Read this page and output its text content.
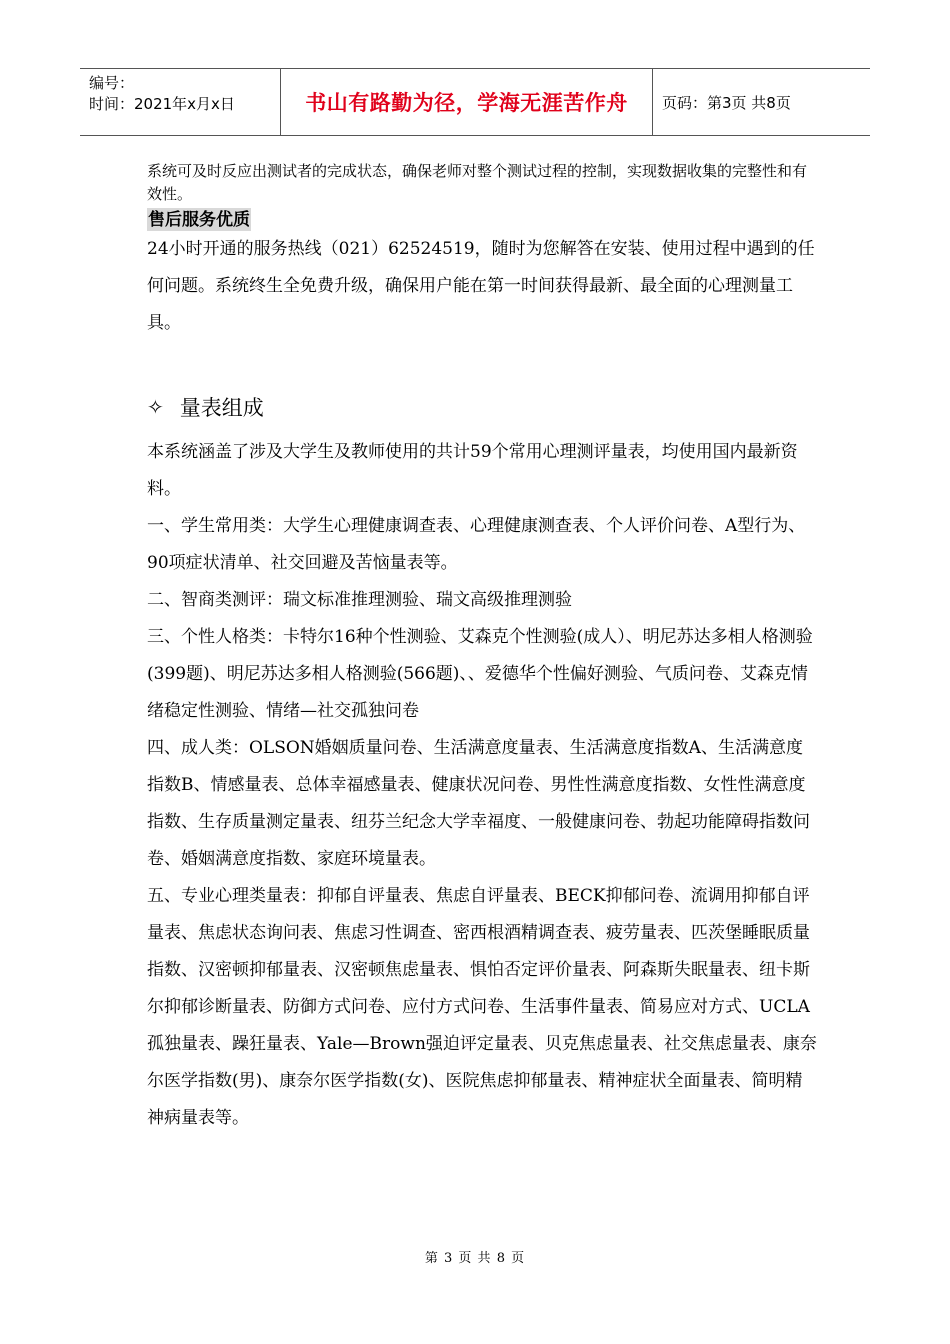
编号：
时间：2021年x月x日	书山有路勤为径，学海无涯苦作舟	页码：第3页 共8页

系统可及时反应出测试者的完成状态，确保老师对整个测试过程的控制，实现数据收集的完整性和有效性。

售后服务优质

24小时开通的服务热线（021）62524519，随时为您解答在安装、使用过程中遇到的任何问题。系统终生全免费升级，确保用户能在第一时间获得最新、最全面的心理测量工具。

✧ 量表组成

本系统涵盖了涉及大学生及教师使用的共计59个常用心理测评量表，均使用国内最新资料。

一、学生常用类：大学生心理健康调查表、心理健康测查表、个人评价问卷、A型行为、90项症状清单、社交回避及苦恼量表等。

二、智商类测评：瑞文标准推理测验、瑞文高级推理测验

三、个性人格类：卡特尔16种个性测验、艾森克个性测验(成人）、明尼苏达多相人格测验(399题)、明尼苏达多相人格测验(566题)、、爱德华个性偏好测验、气质问卷、艾森克情绪稳定性测验、情绪—社交孤独问卷

四、成人类：OLSON婚姻质量问卷、生活满意度量表、生活满意度指数A、生活满意度指数B、情感量表、总体幸福感量表、健康状况问卷、男性性满意度指数、女性性满意度指数、生存质量测定量表、纽芬兰纪念大学幸福度、一般健康问卷、勃起功能障碍指数问卷、婚姻满意度指数、家庭环境量表。

五、专业心理类量表：抑郁自评量表、焦虑自评量表、BECK抑郁问卷、流调用抑郁自评量表、焦虑状态询问表、焦虑习性调查、密西根酒精调查表、疲劳量表、匹茨堡睡眠质量指数、汉密顿抑郁量表、汉密顿焦虑量表、惧怕否定评价量表、阿森斯失眠量表、纽卡斯尔抑郁诊断量表、防御方式问卷、应付方式问卷、生活事件量表、简易应对方式、UCLA孤独量表、躁狂量表、Yale—Brown强迫评定量表、贝克焦虑量表、社交焦虑量表、康奈尔医学指数(男)、康奈尔医学指数(女)、医院焦虑抑郁量表、精神症状全面量表、简明精神病量表等。

第 3 页 共 8 页
